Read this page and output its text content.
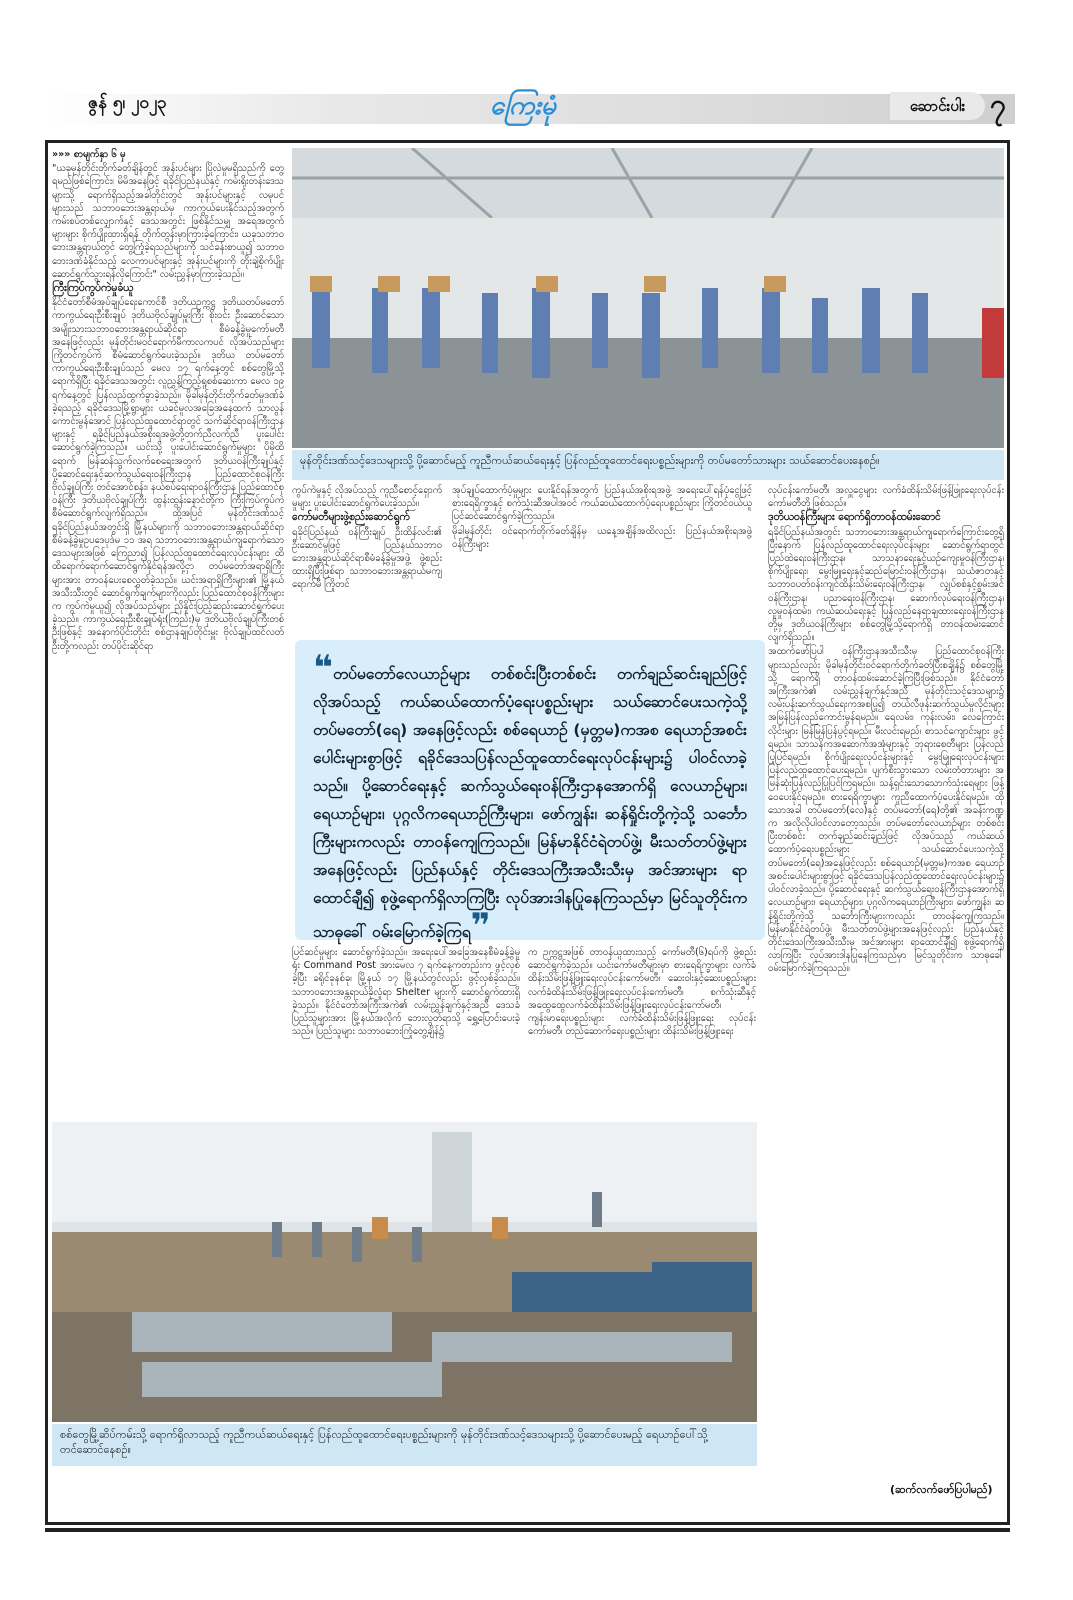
ဇွန် ၅၊ ၂၀၂၃	ကြေးမုံ	ဆောင်းပါး ၇

»»» စာမျက်နှာ ၆ မှ

"ယခုမုန်တိုင်းတိုက်ခတ်ချိန်တွင် အုန်းပင်များ ပြိုလဲမှုမရှိသည်ကို တွေ့ရမည်ဖြစ်ကြောင်း၊ မိမိအနေဖြင့် ရခိုင်ပြည်နယ်နှင့် ကမ်းရိုးတန်းဒေသများသို့ ရောက်ရှိသည့်အခါတိုင်းတွင် အုန်းပင်များနှင့် လမုပင်များသည် သဘာဝဘေးအန္တရာယ်မှ ကာကွယ်ပေးနိုင်သည့်အတွက် ကမ်းစပ်တစ်လျှောက်နှင့် ဒေသအတွင်း ဖြစ်နိုင်သမျှ အရေအတွက်များများ စိုက်ပျိုးထားရှိရန် တိုက်တွန်းမှာကြားခဲ့ကြောင်း၊ ယခုသဘာဝဘေးအန္တရာယ်တွင် တွေ့ကြုံခဲ့ရသည်များကို သင်ခန်းစာယူ၍ သဘာဝဘေးဒဏ်ခံနိုင်သည့် လေကာပင်များနှင့် အုန်းပင်များကို တိုးချဲ့စိုက်ပျိုးဆောင်ရွက်သွားရန်လိုကြောင်း" လမ်းညွှန်မှာကြားခဲ့သည်။

ကြီးကြပ်ကွပ်ကဲမှုခံယူ

နိုင်ငံတော်စီမံအုပ်ချုပ်ရေးကောင်စီ ဒုတိယဥက္ကဋ္ဌ ဒုတိယတပ်မတော်ကာကွယ်ရေးဦးစီးချုပ် ဒုတိယဗိုလ်ချုပ်မှူးကြီး စိုးဝင်း ဦးဆောင်သော အမျိုးသားသဘာဝဘေးအန္တရာယ်ဆိုင်ရာ စီမံခန့်ခွဲမှုကော်မတီအနေဖြင့်လည်း မုန်တိုင်းမဝင်ရောက်မီကာလကပင် လိုအပ်သည်များ ကြိုတင်ကွပ်ကဲ စီမံဆောင်ရွက်ပေးခဲ့သည်။ ဒုတိယ တပ်မတော်ကာကွယ်ရေးဦးစီးချုပ်သည် မေလ ၁၇ ရက်နေ့တွင် စစ်တွေမြို့သို့ရောက်ရှိပြီး ရခိုင်ဒေသအတွင်း လူညွှန့်ကြည့်ရှုစစ်ဆေးကာ မေလ ၁၉ ရက်နေ့တွင် ပြန်လည်ထွက်ခွာခဲ့သည်။ မိုခါမုန်တိုင်းတိုက်ခတ်မှုဒဏ်ခံခဲ့ရသည့် ရခိုင်ဒေသမြို့ရွာများ ယခင်မူလအခြေအနေထက် သာလွန်ကောင်းမွန်အောင် ပြန်လည်ထူထောင်ရာတွင် သက်ဆိုင်ရာဝန်ကြီးဌာနများနှင့် ရခိုင်ပြည်နယ်အစိုးရအဖွဲ့တို့တက်ညီလက်ညီ ပူးပေါင်းဆောင်ရွက်ခဲ့ကြသည်။ ယင်းသို့ ပူးပေါင်းဆောင်ရွက်မှုများ ပိုမိုထိရောက် မြန်ဆန်သွက်လက်စေရေးအတွက် ဒုတိယဝန်ကြီးချုပ်နှင့် ပို့ဆောင်ရေးနှင့်ဆက်သွယ်ရေးဝန်ကြီးဌာန ပြည်ထောင်စုဝန်ကြီး ဗိုလ်ချုပ်ကြီး တင်အောင်စန်း၊ နယ်စပ်ရေးရာဝန်ကြီးဌာန ပြည်ထောင်စုဝန်ကြီး ဒုတိယဗိုလ်ချုပ်ကြီး ထွန်းထွန်းနောင်တို့က ကြီးကြပ်ကွပ်ကဲစီမံဆောင်ရွက်လျက်ရှိသည်။ ထို့အပြင် မုန်တိုင်းဒဏ်သင့် ရခိုင်ပြည်နယ်အတွင်းရှိ မြို့နယ်များကို သဘာဝဘေးအန္တရာယ်ဆိုင်ရာစီမံခန့်ခွဲမှုဥပဒေပုဒ်မ ၁၁ အရ သဘာဝဘေးအန္တရာယ်ကျရောက်သောဒေသများအဖြစ် ကြေညာ၍ ပြန်လည်ထူထောင်ရေးလုပ်ငန်းများ ထိထိရောက်ရောက်ဆောင်ရွက်နိုင်ရန်အလို့ငှာ တပ်မတော်အရာရှိကြီးများအား တာဝန်ပေးစေလွှတ်ခဲ့သည်။ ယင်းအရာရှိကြီးများ၏ မြို့နယ်အသီးသီးတွင် ဆောင်ရွက်ချက်များကိုလည်း ပြည်ထောင်စုဝန်ကြီးများက ကွပ်ကဲမှုယူ၍ လိုအပ်သည်များ ညှိနှိုင်းပြည့်ဆည်းဆောင်ရွက်ပေးခဲ့သည်။ ကာကွယ်ရေးဦးစီးချုပ်ရုံး(ကြည်း)မှ ဒုတိယဗိုလ်ချုပ်ကြီးတစ်ဦးဖြစ်နှင့် အနောက်ပိုင်းတိုင်း စစ်ဌာနချုပ်တိုင်းမှူး ဗိုလ်ချုပ်ထင်လတ်ဦးတို့ကလည်း တပ်ပိုင်းဆိုင်ရာ

မုန်တိုင်းဒဏ်သင့်ဒေသများသို့ ပို့ဆောင်မည့် ကူညီကယ်ဆယ်ရေးနှင့် ပြန်လည်ထူထောင်ရေးပစ္စည်းများကို တပ်မတော်သားများ သယ်ဆောင်ပေးနေစဉ်။

ကွပ်ကဲမှုနှင့် လိုအပ်သည့် ကူညီစောင့်ရှောက်မှုများ ပူးပေါင်းဆောင်ရွက်ပေးခဲ့သည်။

ကော်မတီများဖွဲ့စည်းဆောင်ရွက်

ရခိုင်ပြည်နယ် ဝန်ကြီးချုပ် ဦးထိန်လင်း၏ ဦးဆောင်မှုဖြင့် ပြည်နယ်သဘာဝဘေးအန္တရာယ်ဆိုင်ရာစီမံခန့်ခွဲမှုအဖွဲ့ ဖွဲ့စည်းထားရှိပြီးဖြစ်ရာ သဘာဝဘေးအန္တရာယ်မကျရောက်မီ ကြိုတင်

အုပ်ချုပ်ထောက်ပံ့မှုများ ပေးနိုင်ရန်အတွက် ပြည်နယ်အစိုးရအဖွဲ့ အရေးပေါ်ရန်ပုံငွေဖြင့် စားရေရိက္ခာနှင့် စက်သုံးဆီအပါအဝင် ကယ်ဆယ်ထောက်ပံ့ရေးပစ္စည်းများ ကြိုတင်ဝယ်ယူ ပြင်ဆင်ဆောင်ရွက်ခဲ့ကြသည်။

မိုခါမုန်တိုင်း ဝင်ရောက်တိုက်ခတ်ချိန်မှ ယနေ့အချိန်အထိလည်း ပြည်နယ်အစိုးရအဖွဲ့ ဝန်ကြီးများ

❝တပ်မတော်လေယာဉ်များ တစ်စင်းပြီးတစ်စင်း တက်ချည်ဆင်းချည်ဖြင့် လိုအပ်သည့် ကယ်ဆယ်ထောက်ပံ့ရေးပစ္စည်းများ သယ်ဆောင်ပေးသကဲ့သို့ တပ်မတော်(ရေ) အနေဖြင့်လည်း စစ်ရေယာဉ် (မှတ္တမ)ကအစ ရေယာဉ်အစင်းပေါင်းများစွာဖြင့် ရခိုင်ဒေသပြန်လည်ထူထောင်ရေးလုပ်ငန်းများ၌ ပါဝင်လာခဲ့သည်။ ပို့ဆောင်ရေးနှင့် ဆက်သွယ်ရေးဝန်ကြီးဌာနအောက်ရှိ လေယာဉ်များ၊ ရေယာဉ်များ၊ ပုဂ္ဂလိကရေယာဉ်ကြီးများ၊ ဖော်ကျွန်း၊ ဆန်ရှိုင်းတို့ကဲ့သို့ သင်္ဘောကြီးများကလည်း တာဝန်ကျေကြသည်။ မြန်မာနိုင်ငံရဲတပ်ဖွဲ့၊ မီးသတ်တပ်ဖွဲ့များအနေဖြင့်လည်း ပြည်နယ်နှင့် တိုင်းဒေသကြီးအသီးသီးမှ အင်အားများ ရာထောင်ချီ၍ စုဖွဲ့ရောက်ရှိလာကြပြီး လုပ်အားဒါနပြုနေကြသည်မှာ မြင်သူတိုင်းက သာဓုခေါ် ဝမ်းမြောက်ခဲ့ကြရ❞

ပြင်ဆင်မှုများ ဆောင်ရွက်ခဲ့သည်။ အရေးပေါ်အခြေအနေစီမံခန့်ခွဲမှုရုံး Command Post အားမေလ ၇ ရက်နေ့ကတည်းက ဖွင့်လှစ်ခဲ့ပြီး ခရိုင်ခုနစ်ခု၊ မြို့နယ် ၁၇ မြို့နယ်တွင်လည်း ဖွင့်လှစ်ခဲ့သည်။ သဘာဝဘေးအန္တရာယ်ခိုလှုံရာ Shelter များကို ဆောင်ရွက်ထားရှိခဲ့သည်။ နိုင်ငံတော်အကြီးအကဲ၏ လမ်းညွှန်ချက်နှင့်အညီ ဒေသခံပြည်သူများအား မြို့နယ်အလိုက် ဘေးလွတ်ရာသို့ ရွှေ့ပြောင်းပေးခဲ့သည်။ ပြည်သူများ သဘာဝဘေးကြုံတွေ့ချိန်၌

က ဥက္ကဋ္ဌအဖြစ် တာဝန်ယူထားသည့် ကော်မတီ(၆)ရပ်ကို ဖွဲ့စည်းဆောင်ရွက်ခဲ့သည်။ ယင်းကော်မတီများမှာ စားရေရိက္ခာများ လက်ခံထိန်းသိမ်းဖြန့်ဖြူးရေးလုပ်ငန်းကော်မတီ၊ ဆေးဝါးနှင့်ဆေးပစ္စည်းများ လက်ခံထိန်းသိမ်းဖြန့်ဖြူးရေးလုပ်ငန်းကော်မတီ၊ စက်သုံးဆီနှင့် အထွေထွေလက်ခံထိန်းသိမ်းဖြန့်ဖြူးရေးလုပ်ငန်းကော်မတီ၊ ကျန်းမာရေးပစ္စည်းများ လက်ခံထိန်းသိမ်းဖြန့်ဖြူးရေး လုပ်ငန်းကော်မတီ၊ တည်ဆောက်ရေးပစ္စည်းများ ထိန်းသိမ်းဖြန့်ဖြူးရေး

လုပ်ငန်းကော်မတီ၊ အလှူငွေများ လက်ခံထိန်းသိမ်းဖြန့်ဖြူးရေးလုပ်ငန်းကော်မတီတို့ဖြစ်သည်။

ဒုတိယဝန်ကြီးများ ရောက်ရှိတာဝန်ထမ်းဆောင်

ရခိုင်ပြည်နယ်အတွင်း သဘာဝဘေးအန္တရာယ်ကျရောက်ကြောင်းတွေ့ရှိပြီးနောက် ပြန်လည်ထူထောင်ရေးလုပ်ငန်းများ ဆောင်ရွက်ရာတွင် ပြည်ထဲရေးဝန်ကြီးဌာန၊ သာသနာရေးနှင့်ယဉ်ကျေးမှုဝန်ကြီးဌာန၊ စိုက်ပျိုးရေး၊ မွေးမြူရေးနှင့်ဆည်မြောင်းဝန်ကြီးဌာန၊ သယံဇာတနှင့်သဘာဝပတ်ဝန်းကျင်ထိန်းသိမ်းရေးဝန်ကြီးဌာန၊ လျှပ်စစ်နှင့်စွမ်းအင်ဝန်ကြီးဌာန၊ ပညာရေးဝန်ကြီးဌာန၊ ဆောက်လုပ်ရေးဝန်ကြီးဌာန၊ လူမှုဝန်ထမ်း၊ ကယ်ဆယ်ရေးနှင့် ပြန်လည်နေရာချထားရေးဝန်ကြီးဌာနတို့မှ ဒုတိယဝန်ကြီးများ စစ်တွေမြို့သို့ရောက်ရှိ တာဝန်ထမ်းဆောင်လျက်ရှိသည်။

အထက်ဖော်ပြပါ ဝန်ကြီးဌာနအသီးသီးမှ ပြည်ထောင်စုဝန်ကြီးများသည်လည်း မိုခါမုန်တိုင်းဝင်ရောက်တိုက်ခတ်ပြီးစချိန်၌ စစ်တွေမြို့သို့ ရောက်ရှိ တာဝန်ထမ်းဆောင်ခဲ့ကြပြီးဖြစ်သည်။ နိုင်ငံတော်အကြီးအကဲ၏ လမ်းညွှန်ချက်နှင့်အညီ မုန်တိုင်းသင့်ဒေသများ၌ လမ်းပန်းဆက်သွယ်ရေးကအစပြု၍ တယ်လီဖုန်းဆက်သွယ်မှုလိုင်းများ အမြန်ပြန်လည်ကောင်းမွန်ရမည်။ ရေလမ်း၊ ကုန်းလမ်း၊ လေကြောင်းလိုင်းများ မြန်မြန်ပြန်ပွင့်ရမည်။ မီးလင်းရမည်၊ စာသင်ကျောင်းများ ဖွင့်ရမည်။ သာသနိကအဆောက်အအုံများနှင့် ဘုရားစေတီများ ပြန်လည်ပြုပြင်ရမည်။ စိုက်ပျိုးရေးလုပ်ငန်းများနှင့် မွေးမြူရေးလုပ်ငန်းများ ပြန်လည်ထူထောင်ပေးရမည်။ ပျက်စီးသွားသော လမ်းတံတားများ အမြန်ဆုံးပြန်လည်ပြုပြင်ကြရမည်။ သန့်ရှင်းသောသောက်သုံးရေများ ဖြန့်ဝေပေးနိုင်ရမည်။ စားရေရိက္ခာများ ကူညီထောက်ပံ့ပေးနိုင်ရမည်။ ထိုသောအခါ တပ်မတော်(လေ)နှင့် တပ်မတော်(ရေ)တို့၏ အခန်းကဏ္ဍက အလိုလိုပါဝင်လာတော့သည်။ တပ်မတော်လေယာဉ်များ တစ်စင်းပြီးတစ်စင်း တက်ချည်ဆင်းချည်ဖြင့် လိုအပ်သည့် ကယ်ဆယ်ထောက်ပံ့ရေးပစ္စည်းများ သယ်ဆောင်ပေးသကဲ့သို့ တပ်မတော်(ရေ)အနေဖြင့်လည်း စစ်ရေယာဉ်(မှတ္တမ)ကအစ ရေယာဉ်အစင်းပေါင်းများစွာဖြင့် ရခိုင်ဒေသပြန်လည်ထူထောင်ရေးလုပ်ငန်းများ၌ ပါဝင်လာခဲ့သည်။ ပို့ဆောင်ရေးနှင့် ဆက်သွယ်ရေးဝန်ကြီးဌာနအောက်ရှိ လေယာဉ်များ၊ ရေယာဉ်များ၊ ပုဂ္ဂလိကရေယာဉ်ကြီးများ၊ ဖော်ကျွန်း၊ ဆန်ရှိုင်းတို့ကဲ့သို့ သင်္ဘောကြီးများကလည်း တာဝန်ကျေကြသည်။ မြန်မာနိုင်ငံရဲတပ်ဖွဲ့၊ မီးသတ်တပ်ဖွဲ့များအနေဖြင့်လည်း ပြည်နယ်နှင့် တိုင်းဒေသကြီးအသီးသီးမှ အင်အားများ ရာထောင်ချီ၍ စုဖွဲ့ရောက်ရှိလာကြပြီး လုပ်အားဒါနပြုနေကြသည်မှာ မြင်သူတိုင်းက သာဓုခေါ် ဝမ်းမြောက်ခဲ့ကြရသည်။

(ဆက်လက်ဖော်ပြပါမည်)
စစ်တွေမြို့ဆိပ်ကမ်းသို့ ရောက်ရှိလာသည့် ကူညီကယ်ဆယ်ရေးနှင့် ပြန်လည်ထူထောင်ရေးပစ္စည်းများကို မုန်တိုင်းဒဏ်သင့်ဒေသများသို့ ပို့ဆောင်ပေးမည့် ရေယာဉ်ပေါ်သို့ တင်ဆောင်နေစဉ်။
